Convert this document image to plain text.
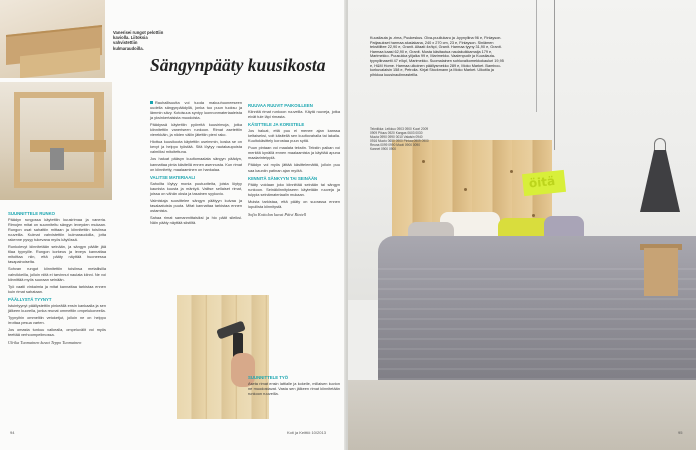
Vanerisei rungot pelottiin kaviolla. Liitoksia vahvistettiin kulmaraudoilla.
Sängynpääty kuusikosta
SUUNNITTELE RUNKO

Päädyn rungossa käytettiin kuusirimaa ja vaneria. Rimojen mitat on suunniteltu sängyn leveyden mukaan. Rungon osat sahattiin mittaan ja kiinnitettiin toisiinsa ruuveilla. Kulmat vahvistettiin kulmaraudoilla, jotta rakenne pysyy tukevana myös käytössä.

Runkolevyt kiinnitetään seinään, ja sängyn päälle jää tilaa tyynyille. Rungon korkeus ja leveys kannattaa mitoittaa niin, että pääty näyttää huoneessa tasapainoiselta.

Sohvan rungot kiinnitettiin toisiinsa metallisilla vahvikkeilla, jolloin niitä ei tarvinnut naulata kiinni. Ne voi kiinnittää myös suoraan seinään.

Työ vaatii vinkaimia ja mitat kannattaa tarkistaa ennen kuin rimat sahataan.

PÄÄLLYSTÄ TYYNYT

Istuintyynyt päällystettiin pinkeällä ensin kankaalla ja sen jälkeen kuorella, jonka reunat ommeltiin ompelukoneella.

Tyynyihin ommeltiin vetoketjut, jolloin ne on helppo irrottaa pesua varten.

Jos omasta tunkuu valkealla, ompeluvälit voi myös teettää verhoompelimossa.

Ulrika Tuomainen kuvat Teppo Tuomainen

Rauhallisuutta voi tuoda makuuhuoneeseen uudella sängynpäädyllä, jonka tuo puun tuoksu ja lämmin sävy. Kotoisuus syntyy luonnonmateriaaleista ja yksinkertaisista muodoista.

Päädyssä käytettiin pyöreitä kuusirimoja, jotka kiinnitettiin vaneriseen runkoon. Rimat asetettiin vierekkäin, ja niiden väliin jätettiin pieni rako.

Hiottua kuusikoota käytettiin useimmin, koska se on kevyt ja helppo työstää. Sitä löytyy rautakaupoista valmiiksi mitoitettuna.

Jos haluat pääsyn kuultomaalata sängyn päädyn, kannattaa pinta käsitellä ennen asennusta. Kun rimat on kiinnitetty, maalaaminen on hankalaa.

VALITSE MATERIAALI

Sahoilta löytyy monia puutuotteita, joista löytyy kaunista kuusta ja mäntyä. Valitse sellaiset rimat, joissa on vähän oksia ja tasainen syykuvio.

Valmistaja suosittelee sängyn päätyyn kuivaa ja tasalaatuista puuta. Mitat kannattaa tarkistaa ennen ostamista.

Sahaa rimat samanmittaisiksi ja hio päät sileiksi. Näin pääty näyttää siistiltä.

RUUVAA RUUVIT PAIKOILLEEN

Kiinnitä rimat runkoon ruuveilla. Käytä ruuveja, jotka eivät tule läpi rimasta.

KÄSITTELE JA KORISTELE

Jos haluat, että puu ei menee ajan kanssa keltaiseksi, voit käsitellä sen kuultovahalla tai lakalla. Kuultokäsittely korostaa puun syitä.

Puun pintaan voi maalata tekstin. Tekstin paikan voi merkitä kynällä ennen maalaamista ja käyttää apuna maalarinteippiä.

Päädyn voi myös jättää käsittelemättä, jolloin puu saa kauniin patinan ajan myötä.

KIINNITÄ SÄNKYYN TAI SEINÄÄN

Pääty voidaan joko kiinnittää seinään tai sängyn runkoon. Seinäkiinnitykseen käytetään ruuveja ja tulppia seinämateriaalin mukaan.

Muista tarkistaa, että pääty on suorassa ennen lopullista kiinnitystä.

Sofia Kotiolan kuvat Päivi Rintell
SUUNNITTELE TYÖ

Aseta rimat ensin lattialle ja kokeile, millaisen kuvion ne muodostavat. Vasta sen jälkeen rimat kiinnitetään runkoon ruuveilla.

94	Koti ja Keittiö 10/2013
öitä
Kuusilauta ja -rima, Puukeskus. Oiva-puuliukaru ja -kyynyliina 96 e, Finlayson. Patjasukset harmaa aluslakana, 240 x 270 cm, 23 e, Finlayson. Siniämen tekstiilitee 22,90 e, Granit. Altaati 4e/kpl, Granit. Harmaa tyyny 31,90 e, Granit. Harmaa kaasi 62,90 e, Granit. Musta käsitautua naulakuikkamaija 179 e, Marimekko. Puusukka ylijalka 99 e, Marimekko. Vaalenpudir ja Kuusilauta-tyynyliinasetti 47 e/kpl, Marimekko. Suomalainen sohluvalkomekkokauluri 19,95 e, H&M Home. Harmaa ulkoinen päällysmekko 289 e, Moko Market. Bamboo-korkuvalaisin 158 e, Petrolia. Kirjat Stockmann ja Moko Market. Ulkotila ja pihkkoa kuusinaulinnasteilla.
Tekniikka: Leikkuu 0903 0900 Kuori 2009 0909 Pituus 0920 Kangas 0603 0030 Muuta 0990 0990 0010 Valaisin 0940 0916 Muoto 0600 0900 Pintaa 0909 0900 Reuna 0099 0990 Muoti 0900 0090 Kannet 0900 0900
95
